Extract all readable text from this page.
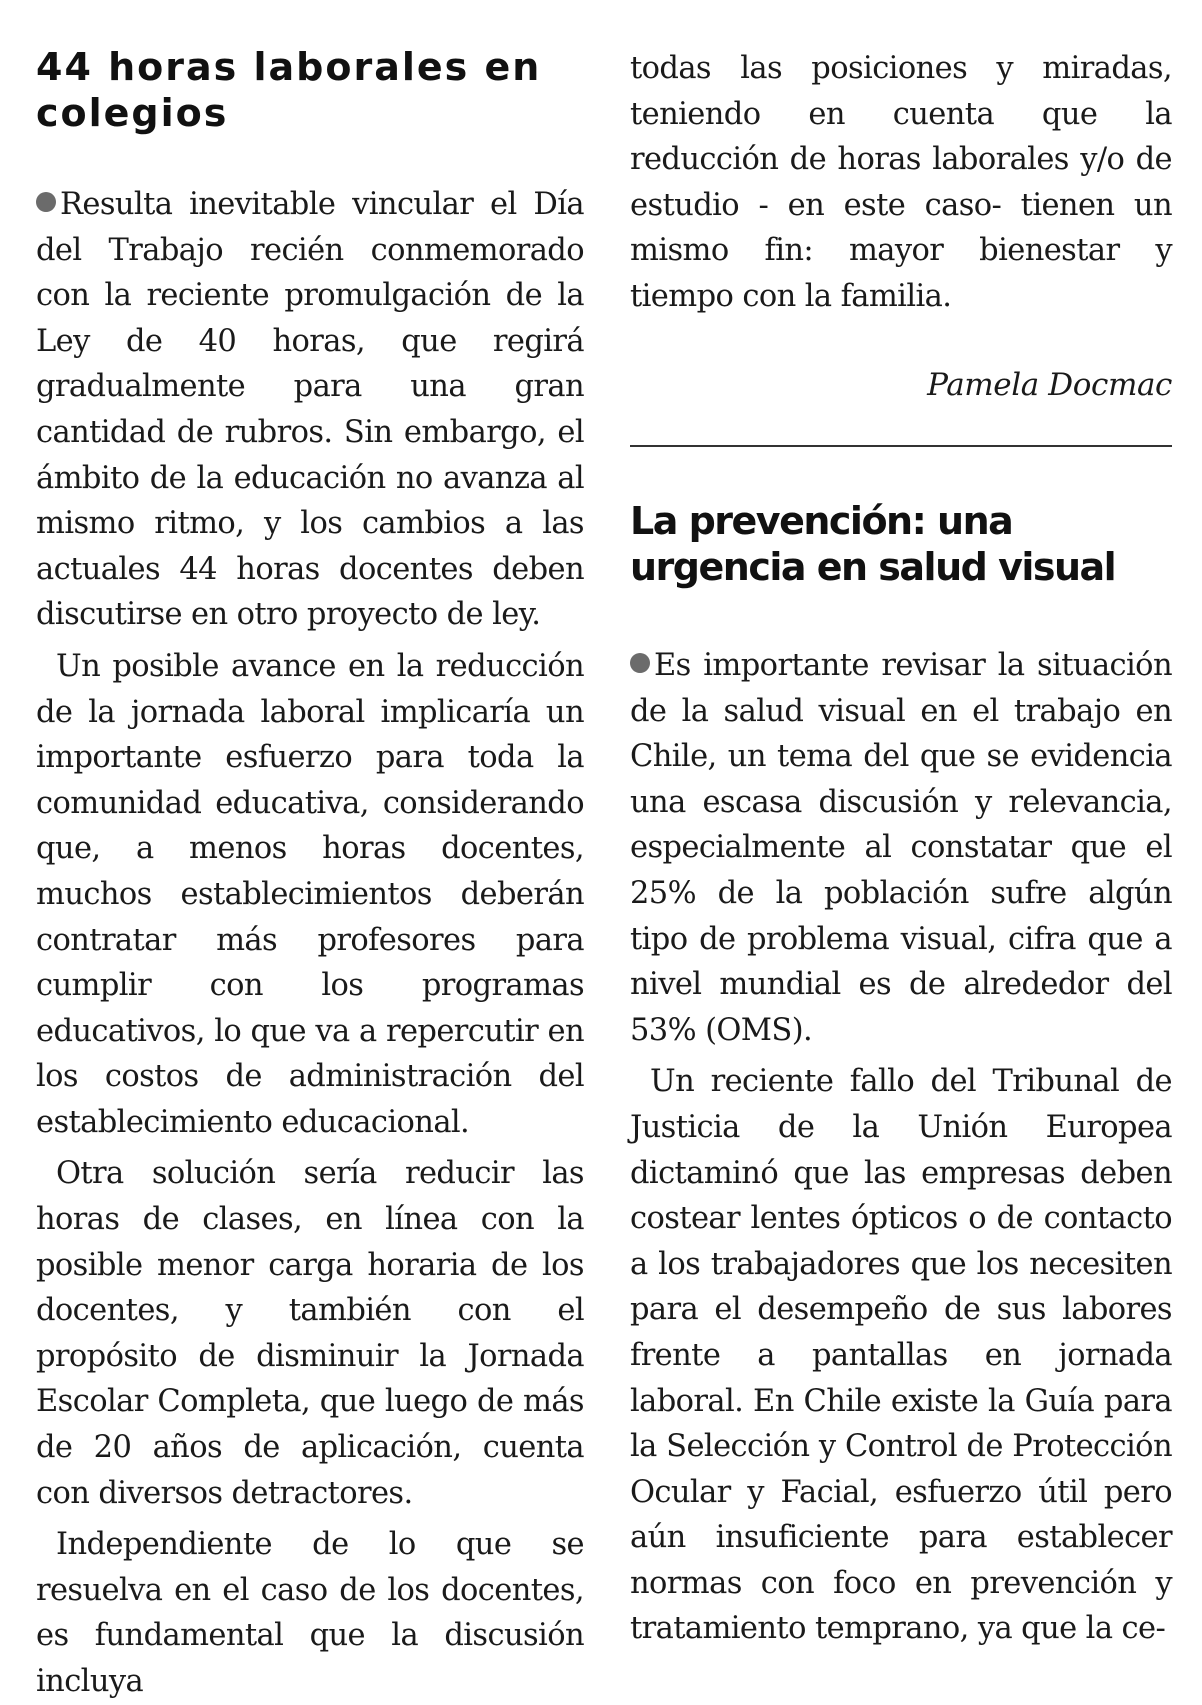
44 horas laborales en colegios

Resulta inevitable vincular el Día del Trabajo recién conmemorado con la reciente promulgación de la Ley de 40 horas, que regirá gradualmente para una gran cantidad de rubros. Sin embargo, el ámbito de la educación no avanza al mismo ritmo, y los cambios a las actuales 44 horas docentes deben discutirse en otro proyecto de ley.

Un posible avance en la reducción de la jornada laboral implicaría un importante esfuerzo para toda la comunidad educativa, considerando que, a menos horas docentes, muchos establecimientos deberán contratar más profesores para cumplir con los programas educativos, lo que va a repercutir en los costos de administración del establecimiento educacional.

Otra solución sería reducir las horas de clases, en línea con la posible menor carga horaria de los docentes, y también con el propósito de disminuir la Jornada Escolar Completa, que luego de más de 20 años de aplicación, cuenta con diversos detractores.

Independiente de lo que se resuelva en el caso de los docentes, es fundamental que la discusión incluya

todas las posiciones y miradas, teniendo en cuenta que la reducción de horas laborales y/o de estudio - en este caso- tienen un mismo fin: mayor bienestar y tiempo con la familia.

Pamela Docmac
La prevención: una urgencia en salud visual

Es importante revisar la situación de la salud visual en el trabajo en Chile, un tema del que se evidencia una escasa discusión y relevancia, especialmente al constatar que el 25% de la población sufre algún tipo de problema visual, cifra que a nivel mundial es de alrededor del 53% (OMS).

Un reciente fallo del Tribunal de Justicia de la Unión Europea dictaminó que las empresas deben costear lentes ópticos o de contacto a los trabajadores que los necesiten para el desempeño de sus labores frente a pantallas en jornada laboral. En Chile existe la Guía para la Selección y Control de Protección Ocular y Facial, esfuerzo útil pero aún insuficiente para establecer normas con foco en prevención y tratamiento temprano, ya que la ce-
